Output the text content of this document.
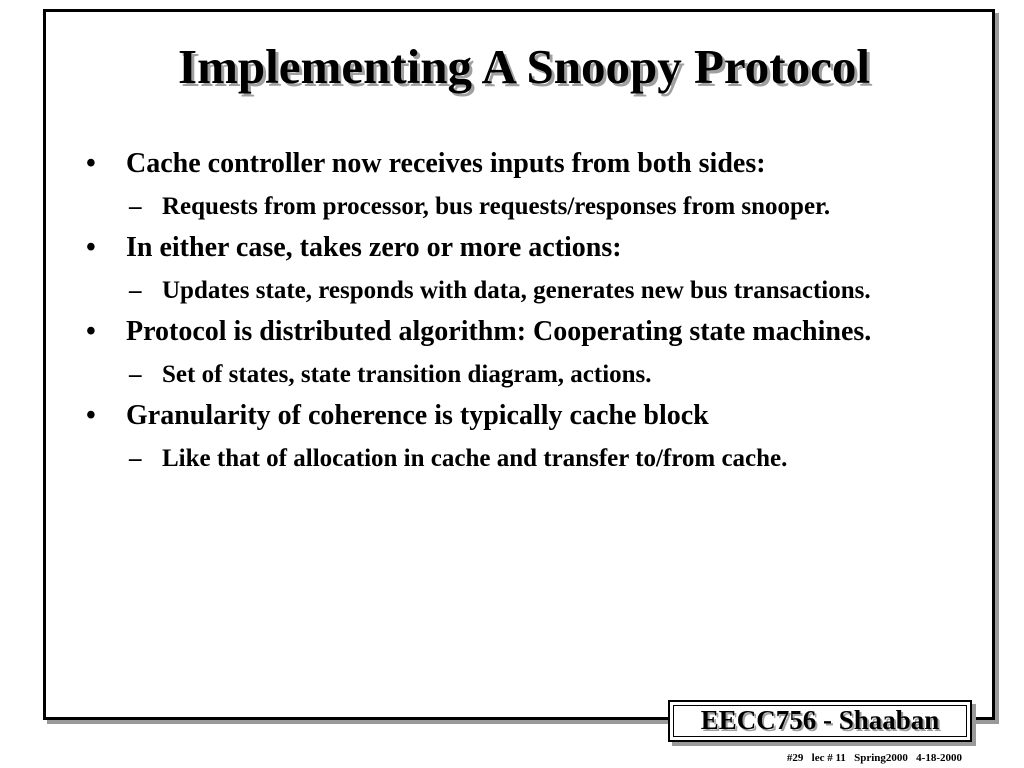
Implementing A Snoopy Protocol
•	Cache controller now receives inputs from both sides:
– Requests from processor, bus requests/responses from snooper.
•	In either case, takes zero or more actions:
– Updates state, responds with data, generates new bus transactions.
•	Protocol is distributed algorithm: Cooperating state machines.
– Set of states, state transition diagram, actions.
•	Granularity of coherence is typically cache block
– Like that of allocation in cache and transfer to/from cache.
EECC756 - Shaaban
#29   lec # 11   Spring2000   4-18-2000
